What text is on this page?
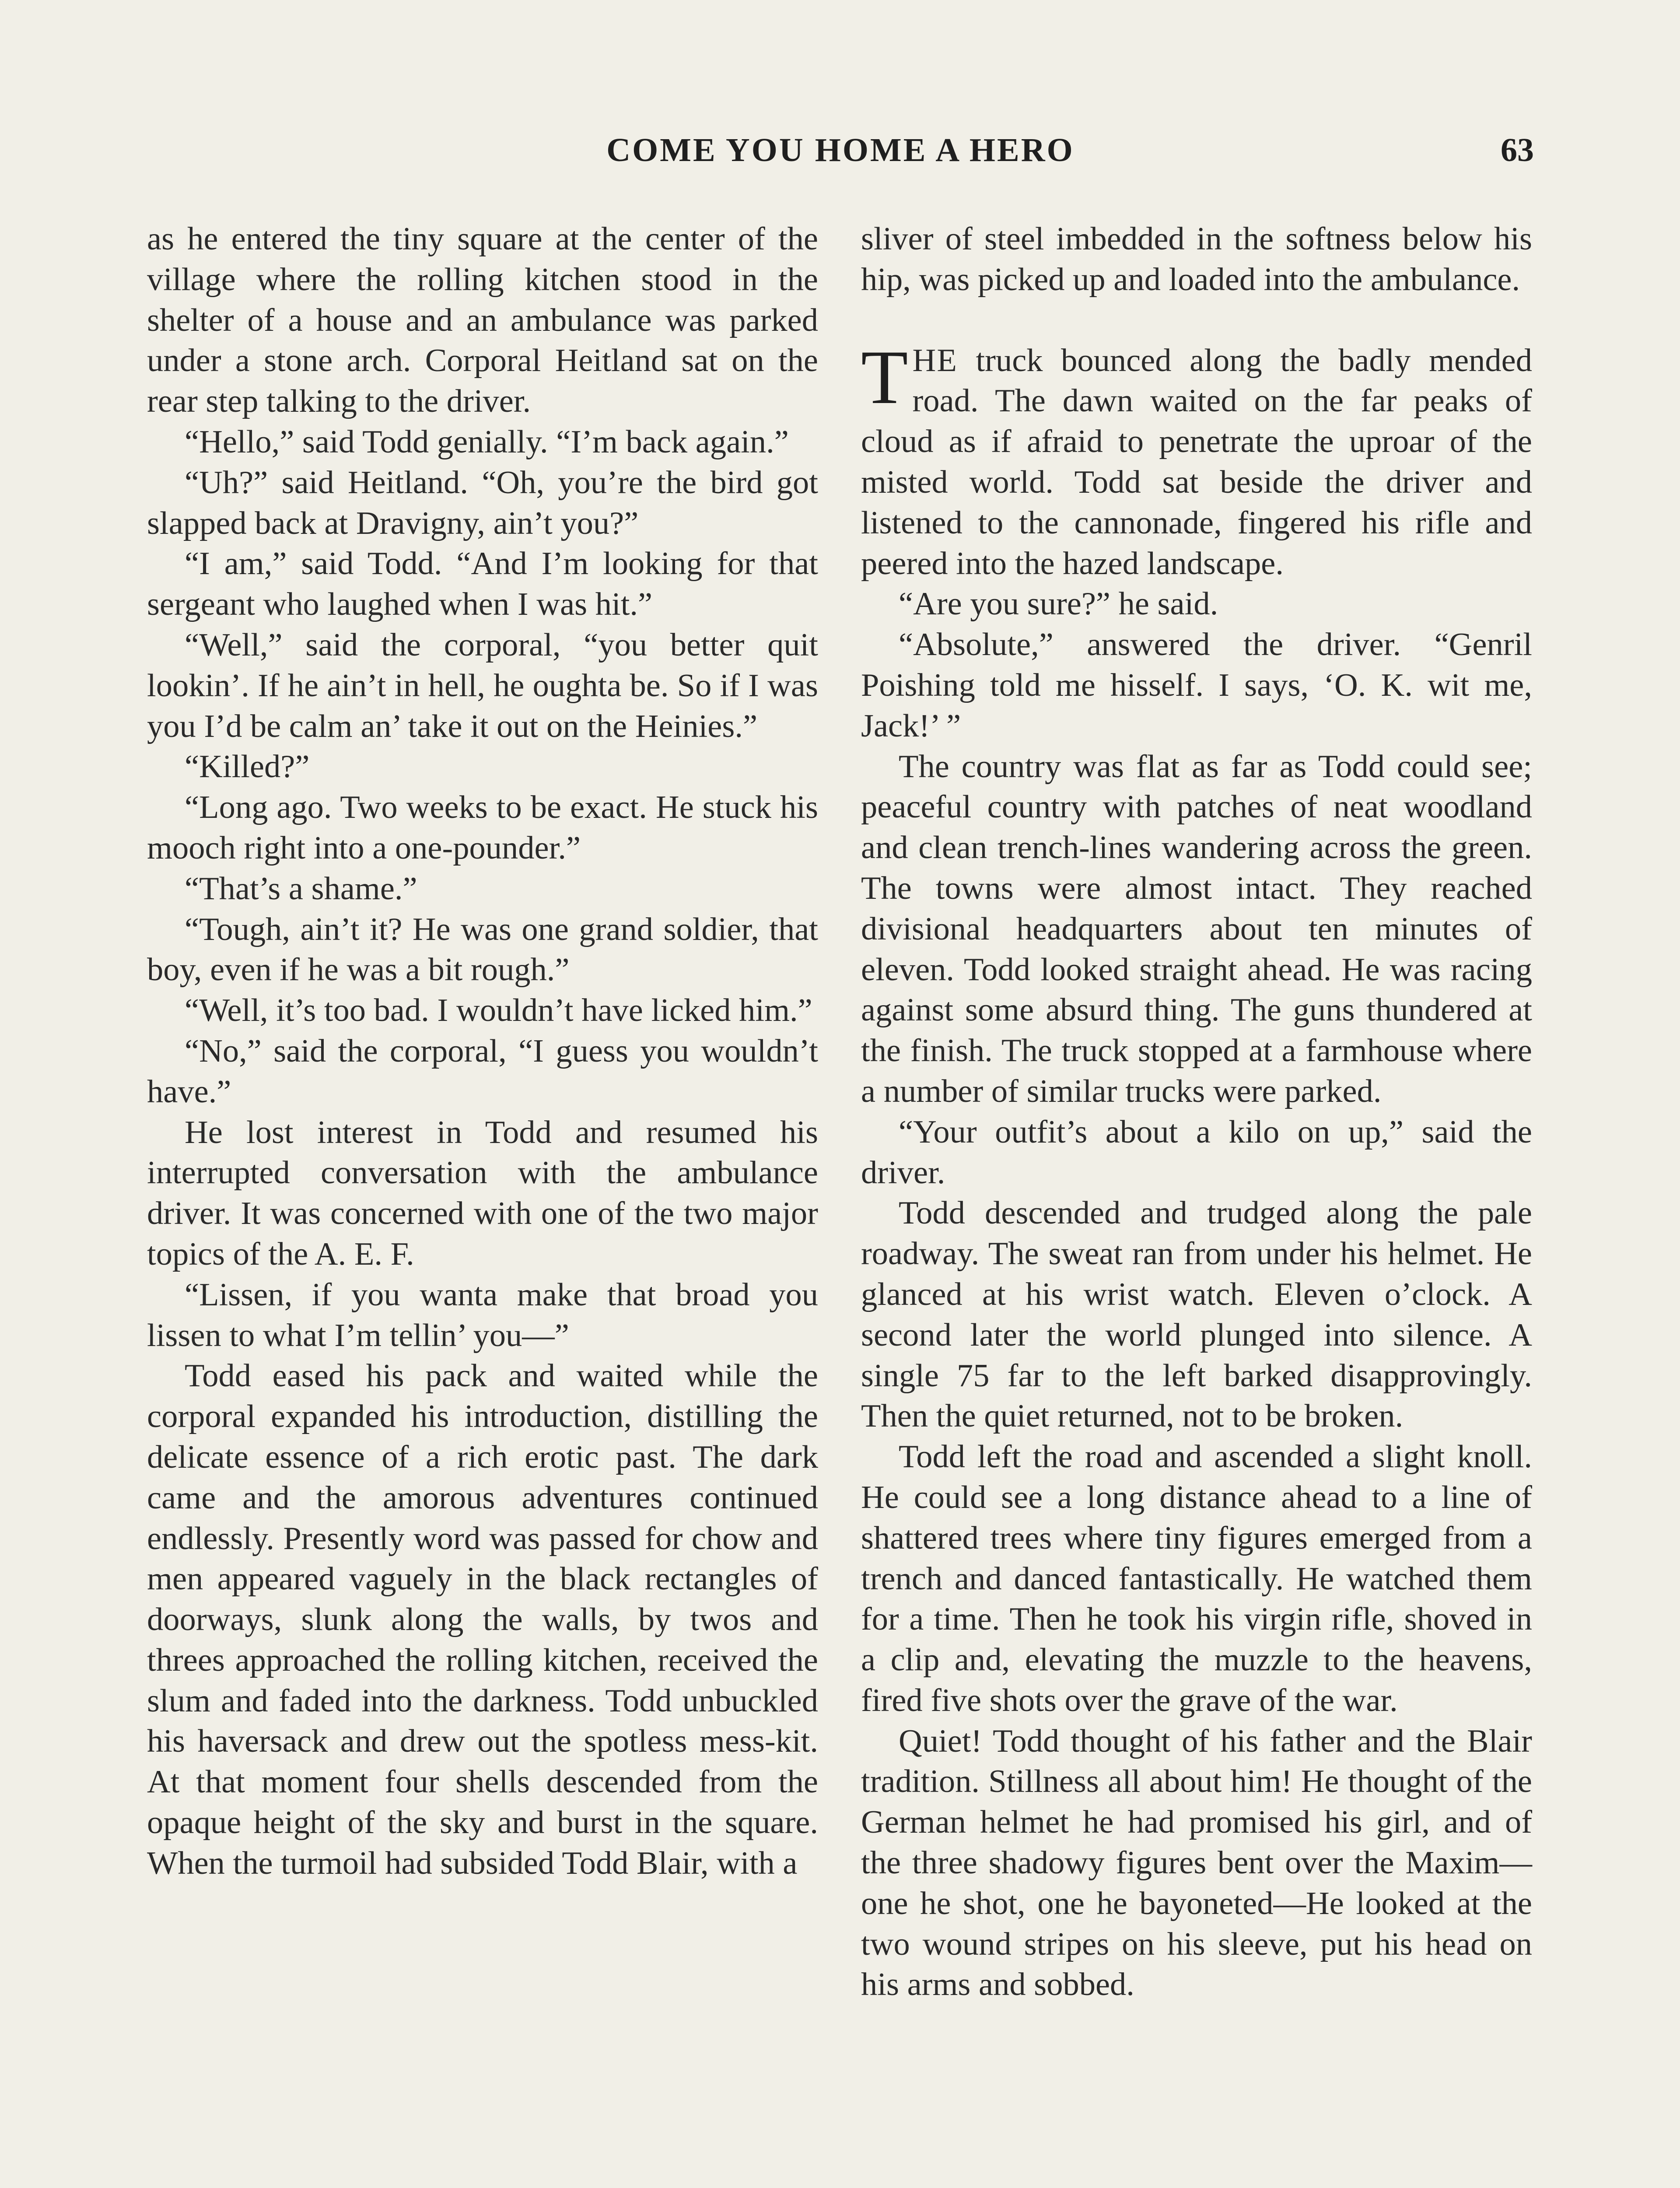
COME YOU HOME A HERO	63

as he entered the tiny square at the center of the village where the rolling kitchen stood in the shelter of a house and an ambulance was parked under a stone arch. Corporal Heitland sat on the rear step talking to the driver.

“Hello,” said Todd genially. “I’m back again.”

“Uh?” said Heitland. “Oh, you’re the bird got slapped back at Dravigny, ain’t you?”

“I am,” said Todd. “And I’m looking for that sergeant who laughed when I was hit.”

“Well,” said the corporal, “you better quit lookin’. If he ain’t in hell, he oughta be. So if I was you I’d be calm an’ take it out on the Heinies.”

“Killed?”

“Long ago. Two weeks to be exact. He stuck his mooch right into a one-pounder.”

“That’s a shame.”

“Tough, ain’t it? He was one grand soldier, that boy, even if he was a bit rough.”

“Well, it’s too bad. I wouldn’t have licked him.”

“No,” said the corporal, “I guess you wouldn’t have.”

He lost interest in Todd and resumed his interrupted conversation with the ambulance driver. It was concerned with one of the two major topics of the A. E. F.

“Lissen, if you wanta make that broad you lissen to what I’m tellin’ you—”

Todd eased his pack and waited while the corporal expanded his introduction, distilling the delicate essence of a rich erotic past. The dark came and the amorous adventures continued endlessly. Presently word was passed for chow and men appeared vaguely in the black rectangles of doorways, slunk along the walls, by twos and threes approached the rolling kitchen, received the slum and faded into the darkness. Todd unbuckled his haversack and drew out the spotless mess-kit. At that moment four shells descended from the opaque height of the sky and burst in the square. When the turmoil had subsided Todd Blair, with a

sliver of steel imbedded in the softness below his hip, was picked up and loaded into the ambulance.

THE truck bounced along the badly mended road. The dawn waited on the far peaks of cloud as if afraid to penetrate the uproar of the misted world. Todd sat beside the driver and listened to the cannonade, fingered his rifle and peered into the hazed landscape.

“Are you sure?” he said.

“Absolute,” answered the driver. “Genril Poishing told me hisself. I says, ‘O. K. wit me, Jack!’ ”

The country was flat as far as Todd could see; peaceful country with patches of neat woodland and clean trench-lines wandering across the green. The towns were almost intact. They reached divisional headquarters about ten minutes of eleven. Todd looked straight ahead. He was racing against some absurd thing. The guns thundered at the finish. The truck stopped at a farmhouse where a number of similar trucks were parked.

“Your outfit’s about a kilo on up,” said the driver.

Todd descended and trudged along the pale roadway. The sweat ran from under his helmet. He glanced at his wrist watch. Eleven o’clock. A second later the world plunged into silence. A single 75 far to the left barked disapprovingly. Then the quiet returned, not to be broken.

Todd left the road and ascended a slight knoll. He could see a long distance ahead to a line of shattered trees where tiny figures emerged from a trench and danced fantastically. He watched them for a time. Then he took his virgin rifle, shoved in a clip and, elevating the muzzle to the heavens, fired five shots over the grave of the war.

Quiet! Todd thought of his father and the Blair tradition. Stillness all about him! He thought of the German helmet he had promised his girl, and of the three shadowy figures bent over the Maxim—one he shot, one he bayoneted—He looked at the two wound stripes on his sleeve, put his head on his arms and sobbed.
